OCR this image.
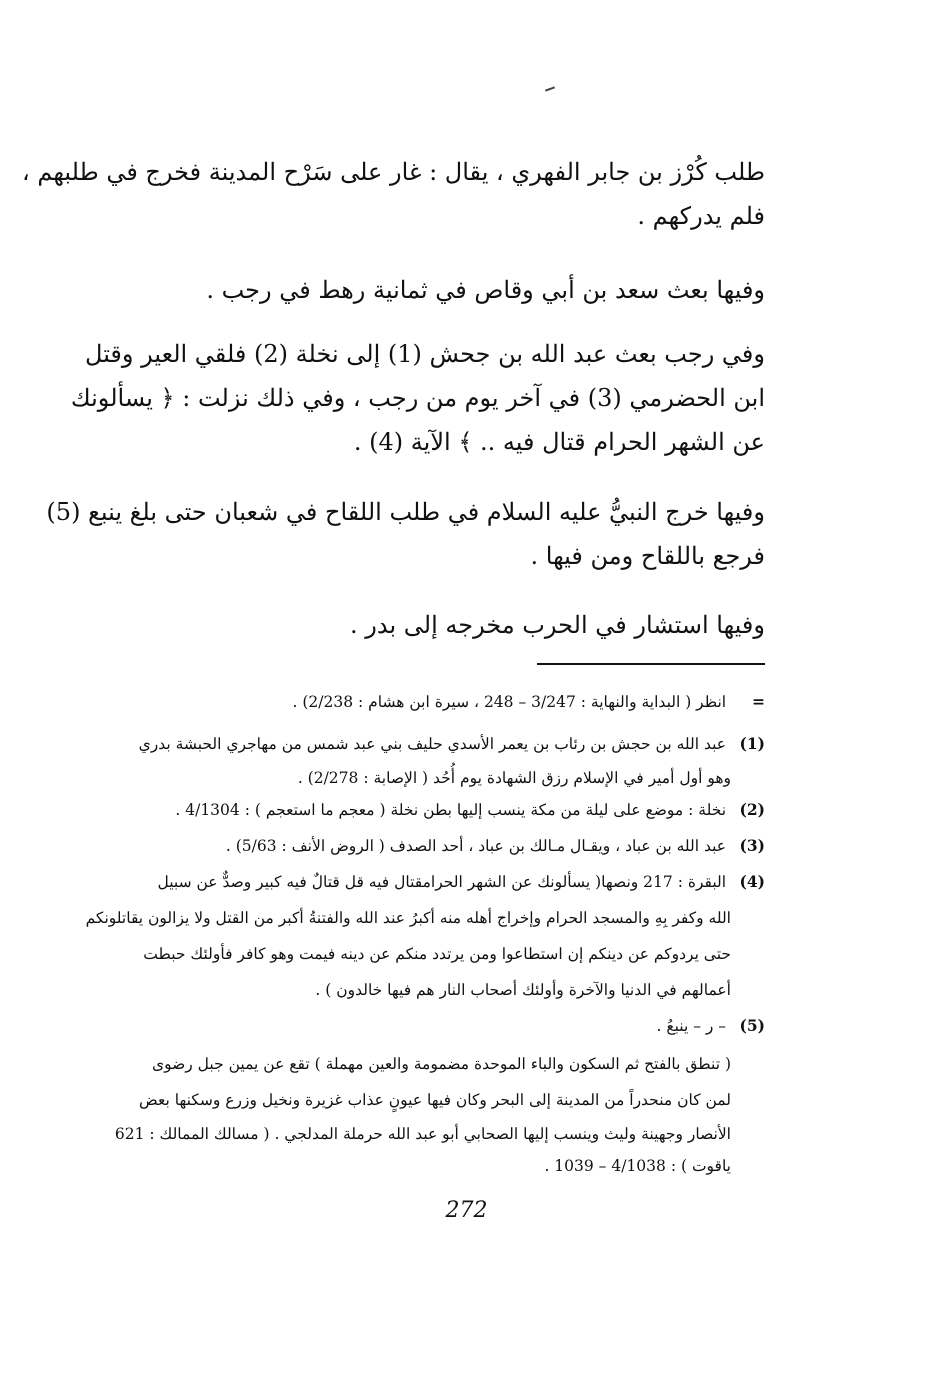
طلب كُرْز بن جابر الفهري ، يقال : غار على سَرْح المدينة فخرج في طلبهم ،
فلم يدركهم .
وفيها بعث سعد بن أبي وقاص في ثمانية رهط في رجب .
وفي رجب بعث عبد الله بن جحش (1) إلى نخلة (2) فلقي العير وقتل
ابن الحضرمي (3) في آخر يوم من رجب ، وفي ذلك نزلت : ﴿ يسألونك
عن الشهر الحرام قتال فيه .. ﴾ الآية (4) .
وفيها خرج النبيُّ عليه السلام في طلب اللقاح في شعبان حتى بلغ ينبع (5)
فرجع باللقاح ومن فيها .
وفيها استشار في الحرب مخرجه إلى بدر .
= انظر ( البداية والنهاية : 3/247 – 248 ، سيرة ابن هشام : 2/238) .
(1) عبد الله بن حجش بن رئاب بن يعمر الأسدي حليف بني عبد شمس من مهاجري الحبشة بدري
وهو أول أمير في الإسلام رزق الشهادة يوم أُحُد ( الإصابة : 2/278) .
(2) نخلة : موضع على ليلة من مكة ينسب إليها بطن نخلة ( معجم ما استعجم ) : 4/1304 .
(3) عبد الله بن عباد ، ويقـال مـالك بن عباد ، أحد الصدف ( الروض الأنف : 5/63) .
(4) البقرة : 217 ونصها( يسألونك عن الشهر الحرامقتال فيه قل قتالٌ فيه كبير وصدٌّ عن سبيل
الله وكفر بِهِ والمسجد الحرام وإخراج أهله منه أكبرُ عند الله والفتنةُ أكبر من القتل ولا يزالون يقاتلونكم
حتى يردوكم عن دينكم إن استطاعوا ومن يرتدد منكم عن دينه فيمت وهو كافر فأولئك حبطت
أعمالهم في الدنيا والآخرة وأولئك أصحاب النار هم فيها خالدون ) .
(5) – ر – ينبعُ .
( تنطق بالفتح ثم السكون والباء الموحدة مضمومة والعين مهملة ) تقع عن يمين جبل رضوى
لمن كان منحدراً من المدينة إلى البحر وكان فيها عيونٍ عذاب غزيرة ونخيل وزرع وسكنها بعض
الأنصار وجهينة وليث وينسب إليها الصحابي أبو عبد الله حرملة المدلجي . ( مسالك الممالك : 621
ياقوت ) : 4/1038 – 1039 .
272
